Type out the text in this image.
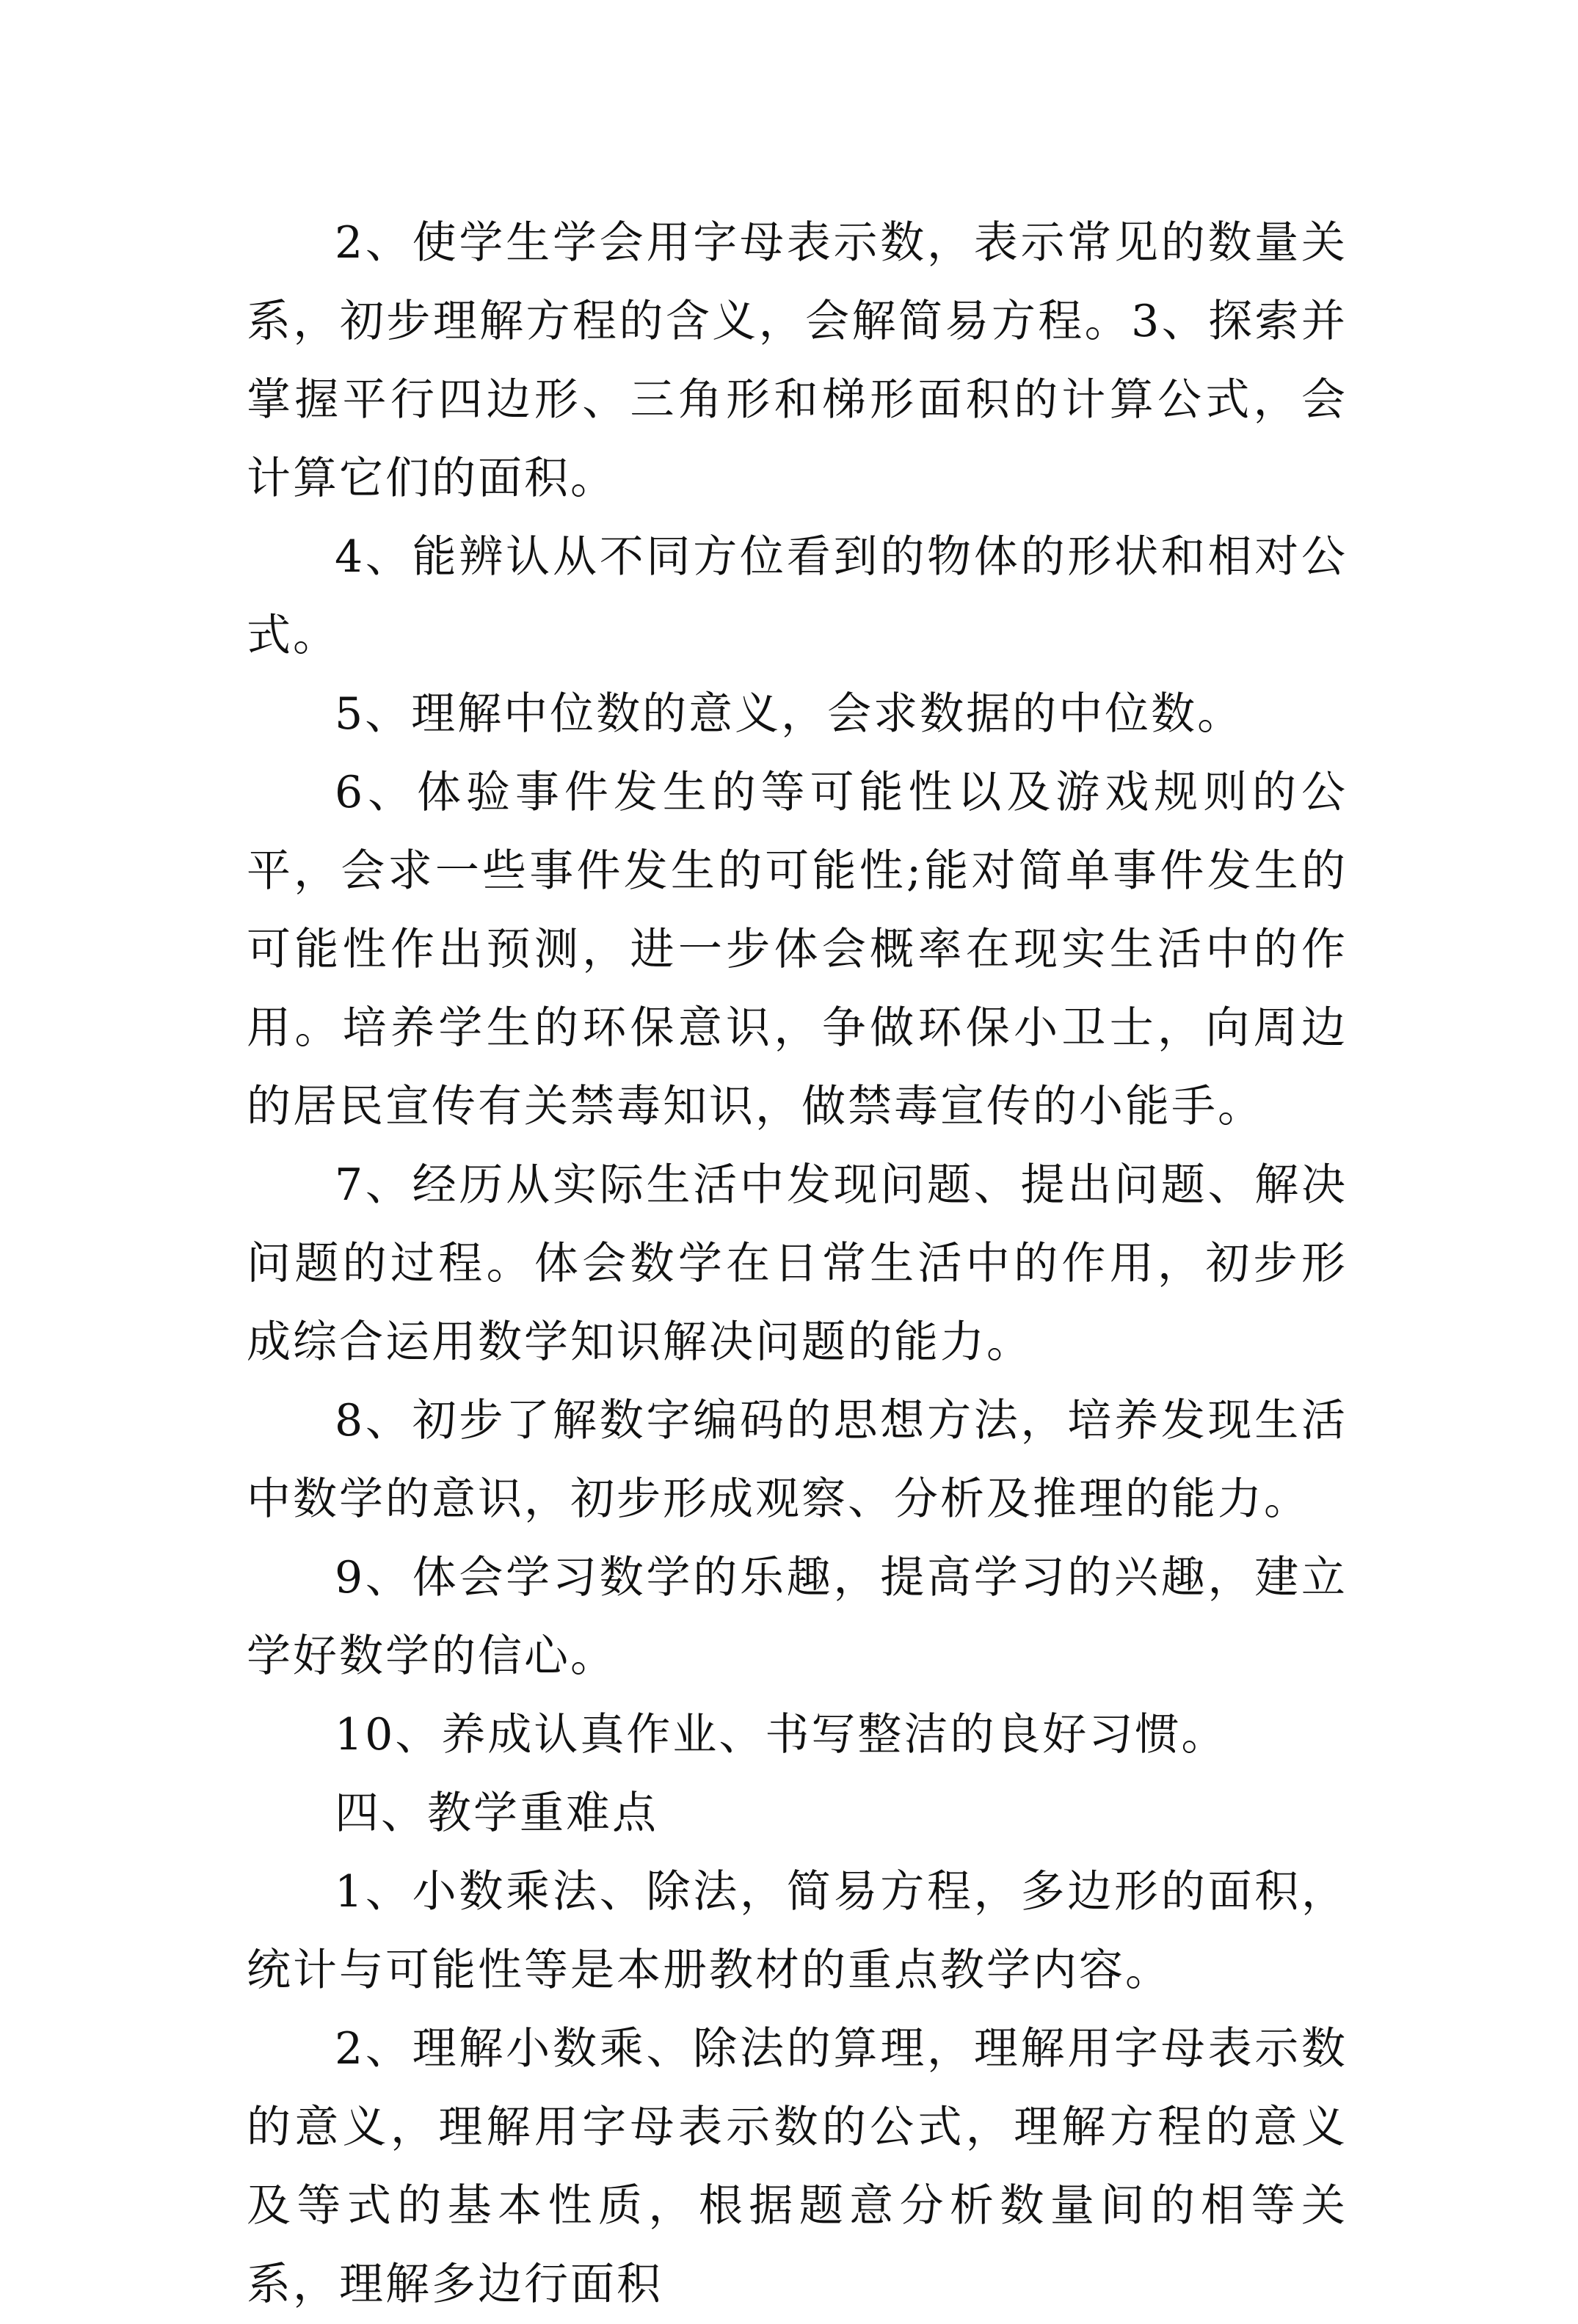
2、使学生学会用字母表示数，表示常见的数量关系，初步理解方程的含义，会解简易方程。3、探索并掌握平行四边形、三角形和梯形面积的计算公式，会计算它们的面积。

4、能辨认从不同方位看到的物体的形状和相对公式。

5、理解中位数的意义，会求数据的中位数。

6、体验事件发生的等可能性以及游戏规则的公平，会求一些事件发生的可能性;能对简单事件发生的可能性作出预测，进一步体会概率在现实生活中的作用。培养学生的环保意识，争做环保小卫士，向周边的居民宣传有关禁毒知识，做禁毒宣传的小能手。

7、经历从实际生活中发现问题、提出问题、解决问题的过程。体会数学在日常生活中的作用，初步形成综合运用数学知识解决问题的能力。

8、初步了解数字编码的思想方法，培养发现生活中数学的意识，初步形成观察、分析及推理的能力。

9、体会学习数学的乐趣，提高学习的兴趣，建立学好数学的信心。

10、养成认真作业、书写整洁的良好习惯。

四、教学重难点

1、小数乘法、除法，简易方程，多边形的面积，统计与可能性等是本册教材的重点教学内容。

2、理解小数乘、除法的算理，理解用字母表示数的意义，理解用字母表示数的公式，理解方程的意义及等式的基本性质，根据题意分析数量间的相等关系，理解多边行面积
